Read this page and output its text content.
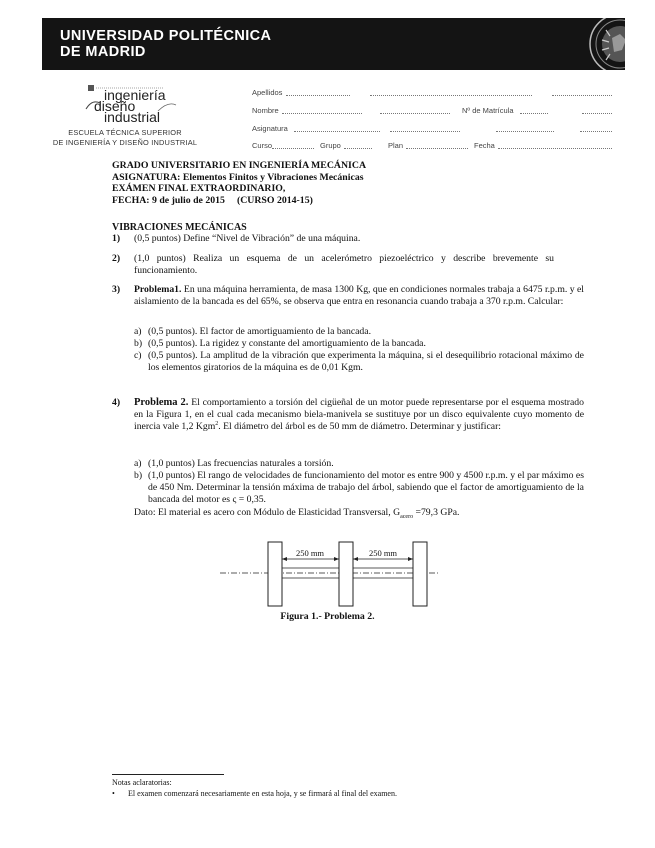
UNIVERSIDAD POLITÉCNICA
DE MADRID
ingeniería
diseño
industrial
ESCUELA TÉCNICA SUPERIOR
DE INGENIERÍA Y DISEÑO INDUSTRIAL
Apellidos
Nombre	Nº de Matrícula
Asignatura
Curso	Grupo	Plan	Fecha
GRADO UNIVERSITARIO EN INGENIERÍA MECÁNICA
ASIGNATURA: Elementos Finitos y Vibraciones Mecánicas
EXÁMEN FINAL EXTRAORDINARIO,
FECHA: 9 de julio de 2015 (CURSO 2014-15)
VIBRACIONES MECÁNICAS
1) (0,5 puntos) Define “Nivel de Vibración” de una máquina.
2) (1,0 puntos) Realiza un esquema de un acelerómetro piezoeléctrico y describe brevemente su funcionamiento.
3) Problema1. En una máquina herramienta, de masa 1300 Kg, que en condiciones normales trabaja a 6475 r.p.m. y el aislamiento de la bancada es del 65%, se observa que entra en resonancia cuando trabaja a 370 r.p.m. Calcular:
a) (0,5 puntos). El factor de amortiguamiento de la bancada.
b) (0,5 puntos). La rigidez y constante del amortiguamiento de la bancada.
c) (0,5 puntos). La amplitud de la vibración que experimenta la máquina, si el desequilibrio rotacional máximo de los elementos giratorios de la máquina es de 0,01 Kgm.
4) Problema 2. El comportamiento a torsión del cigüeñal de un motor puede representarse por el esquema mostrado en la Figura 1, en el cual cada mecanismo biela-manivela se sustituye por un disco equivalente cuyo momento de inercia vale 1,2 Kgm$^2$. El diámetro del árbol es de 50 mm de diámetro. Determinar y justificar:
a) (1,0 puntos) Las frecuencias naturales a torsión.
b) (1,0 puntos) El rango de velocidades de funcionamiento del motor es entre 900 y 4500 r.p.m. y el par máximo es de 450 Nm. Determinar la tensión máxima de trabajo del árbol, sabiendo que el factor de amortiguamiento de la bancada del motor es ς = 0,35.
Dato: El material es acero con Módulo de Elasticidad Transversal, $G_{acero} =79,3$ GPa.
250 mm	250 mm
Figura 1.- Problema 2.
Notas aclaratorias:
• El examen comenzará necesariamente en esta hoja, y se firmará al final del examen.
